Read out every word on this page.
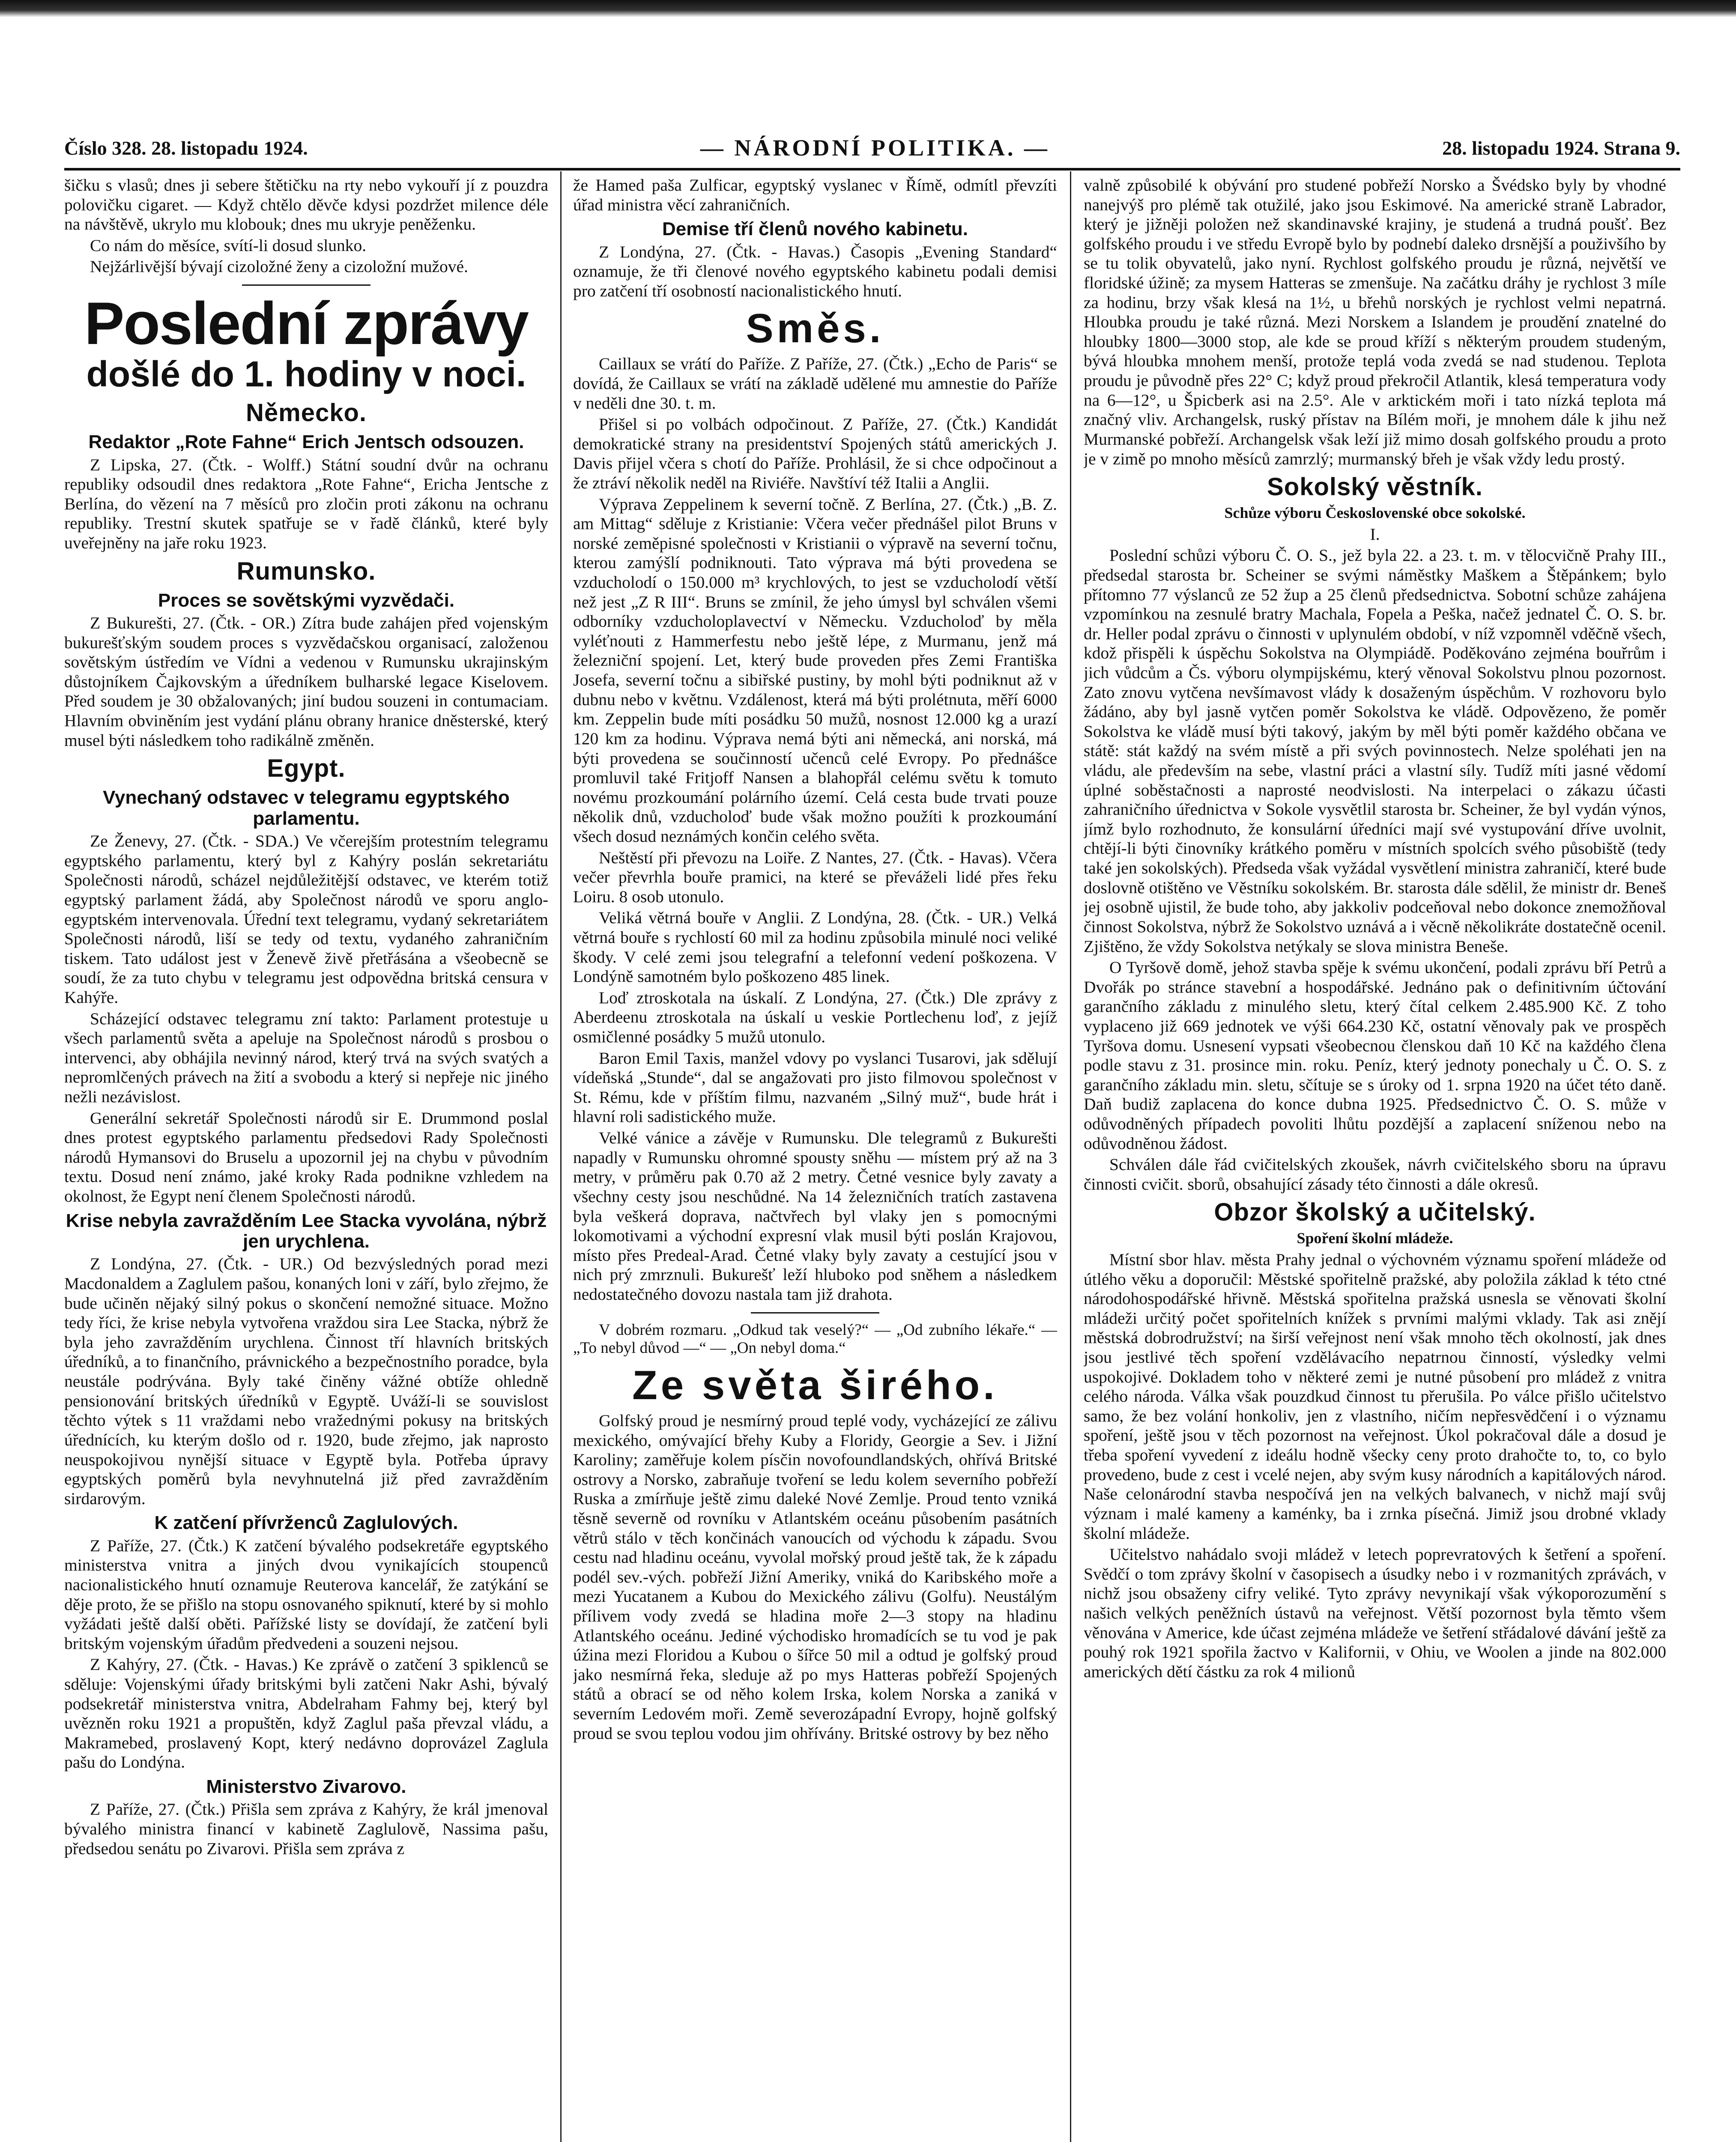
Číslo 328. 28. listopadu 1924.	— NÁRODNÍ POLITIKA. —	28. listopadu 1924. Strana 9.

šičku s vlasů; dnes ji sebere štětičku na rty nebo vykouří jí z pouzdra polovičku cigaret. — Když chtělo děvče kdysi pozdržet milence déle na návštěvě, ukrylo mu klobouk; dnes mu ukryje peněženku.

Co nám do měsíce, svítí-li dosud slunko.

Nejžárlivější bývají cizoložné ženy a cizoložní mužové.

Poslední zprávy
došlé do 1. hodiny v noci.
Německo.
Redaktor „Rote Fahne“ Erich Jentsch odsouzen.

Z Lipska, 27. (Čtk. - Wolff.) Státní soudní dvůr na ochranu republiky odsoudil dnes redaktora „Rote Fahne“, Ericha Jentsche z Berlína, do vězení na 7 měsíců pro zločin proti zákonu na ochranu republiky. Trestní skutek spatřuje se v řadě článků, které byly uveřejněny na jaře roku 1923.

Rumunsko.
Proces se sovětskými vyzvědači.

Z Bukurešti, 27. (Čtk. - OR.) Zítra bude zahájen před vojenským bukurešťským soudem proces s vyzvědačskou organisací, založenou sovětským ústředím ve Vídni a vedenou v Rumunsku ukrajinským důstojníkem Čajkovským a úředníkem bulharské legace Kiselovem. Před soudem je 30 obžalovaných; jiní budou souzeni in contumaciam. Hlavním obviněním jest vydání plánu obrany hranice dněsterské, který musel býti následkem toho radikálně změněn.

Egypt.
Vynechaný odstavec v telegramu egyptského parlamentu.

Ze Ženevy, 27. (Čtk. - SDA.) Ve včerejším protestním telegramu egyptského parlamentu, který byl z Kahýry poslán sekretariátu Společnosti národů, scházel nejdůležitější odstavec, ve kterém totiž egyptský parlament žádá, aby Společnost národů ve sporu anglo-egyptském intervenovala. Úřední text telegramu, vydaný sekretariátem Společnosti národů, liší se tedy od textu, vydaného zahraničním tiskem. Tato událost jest v Ženevě živě přetřásána a všeobecně se soudí, že za tuto chybu v telegramu jest odpovědna britská censura v Kahýře.

Scházející odstavec telegramu zní takto: Parlament protestuje u všech parlamentů světa a apeluje na Společnost národů s prosbou o intervenci, aby obhájila nevinný národ, který trvá na svých svatých a nepromlčených právech na žití a svobodu a který si nepřeje nic jiného nežli nezávislost.

Generální sekretář Společnosti národů sir E. Drummond poslal dnes protest egyptského parlamentu předsedovi Rady Společnosti národů Hymansovi do Bruselu a upozornil jej na chybu v původním textu. Dosud není známo, jaké kroky Rada podnikne vzhledem na okolnost, že Egypt není členem Společnosti národů.

Krise nebyla zavražděním Lee Stacka vyvolána, nýbrž jen urychlena.

Z Londýna, 27. (Čtk. - UR.) Od bezvýsledných porad mezi Macdonaldem a Zaglulem pašou, konaných loni v září, bylo zřejmo, že bude učiněn nějaký silný pokus o skončení nemožné situace. Možno tedy říci, že krise nebyla vytvořena vraždou sira Lee Stacka, nýbrž že byla jeho zavražděním urychlena. Činnost tří hlavních britských úředníků, a to finančního, právnického a bezpečnostního poradce, byla neustále podrývána. Byly také činěny vážné obtíže ohledně pensionování britských úředníků v Egyptě. Uváží-li se souvislost těchto výtek s 11 vraždami nebo vražednými pokusy na britských úřednících, ku kterým došlo od r. 1920, bude zřejmo, jak naprosto neuspokojivou nynější situace v Egyptě byla. Potřeba úpravy egyptských poměrů byla nevyhnutelná již před zavražděním sirdarovým.

K zatčení přívrženců Zaglulových.

Z Paříže, 27. (Čtk.) K zatčení bývalého podsekretáře egyptského ministerstva vnitra a jiných dvou vynikajících stoupenců nacionalistického hnutí oznamuje Reuterova kancelář, že zatýkání se děje proto, že se přišlo na stopu osnovaného spiknutí, které by si mohlo vyžádati ještě další oběti. Pařížské listy se dovídají, že zatčení byli britským vojenským úřadům předvedeni a souzeni nejsou.

Z Kahýry, 27. (Čtk. - Havas.) Ke zprávě o zatčení 3 spiklenců se sděluje: Vojenskými úřady britskými byli zatčeni Nakr Ashi, bývalý podsekretář ministerstva vnitra, Abdelraham Fahmy bej, který byl uvězněn roku 1921 a propuštěn, když Zaglul paša převzal vládu, a Makramebed, proslavený Kopt, který nedávno doprovázel Zaglula pašu do Londýna.

Ministerstvo Zivarovo.

Z Paříže, 27. (Čtk.) Přišla sem zpráva z Kahýry, že král jmenoval bývalého ministra financí v kabinetě Zaglulově, Nassima pašu, předsedou senátu po Zivarovi. Přišla sem zpráva z

že Hamed paša Zulficar, egyptský vyslanec v Římě, odmítl převzíti úřad ministra věcí zahraničních.

Demise tří členů nového kabinetu.

Z Londýna, 27. (Čtk. - Havas.) Časopis „Evening Standard“ oznamuje, že tři členové nového egyptského kabinetu podali demisi pro zatčení tří osobností nacionalistického hnutí.

Směs.

Caillaux se vrátí do Paříže. Z Paříže, 27. (Čtk.) „Echo de Paris“ se dovídá, že Caillaux se vrátí na základě udělené mu amnestie do Paříže v neděli dne 30. t. m.

Přišel si po volbách odpočinout. Z Paříže, 27. (Čtk.) Kandidát demokratické strany na presidentství Spojených států amerických J. Davis přijel včera s chotí do Paříže. Prohlásil, že si chce odpočinout a že ztráví několik neděl na Riviéře. Navštíví též Italii a Anglii.

Výprava Zeppelinem k severní točně. Z Berlína, 27. (Čtk.) „B. Z. am Mittag“ sděluje z Kristianie: Včera večer přednášel pilot Bruns v norské zeměpisné společnosti v Kristianii o výpravě na severní točnu, kterou zamýšlí podniknouti. Tato výprava má býti provedena se vzducholodí o 150.000 m³ krychlových, to jest se vzducholodí větší než jest „Z R III“. Bruns se zmínil, že jeho úmysl byl schválen všemi odborníky vzducholoplavectví v Německu. Vzducholoď by měla vyléťnouti z Hammerfestu nebo ještě lépe, z Murmanu, jenž má železniční spojení. Let, který bude proveden přes Zemi Františka Josefa, severní točnu a sibiřské pustiny, by mohl býti podniknut až v dubnu nebo v květnu. Vzdálenost, která má býti prolétnuta, měří 6000 km. Zeppelin bude míti posádku 50 mužů, nosnost 12.000 kg a urazí 120 km za hodinu. Výprava nemá býti ani německá, ani norská, má býti provedena se součinností učenců celé Evropy. Po přednášce promluvil také Fritjoff Nansen a blahopřál celému světu k tomuto novému prozkoumání polárního území. Celá cesta bude trvati pouze několik dnů, vzducholoď bude však možno použíti k prozkoumání všech dosud neznámých končin celého světa.

Neštěstí při převozu na Loiře. Z Nantes, 27. (Čtk. - Havas). Včera večer převrhla bouře pramici, na které se převáželi lidé přes řeku Loiru. 8 osob utonulo.

Veliká větrná bouře v Anglii. Z Londýna, 28. (Čtk. - UR.) Velká větrná bouře s rychlostí 60 mil za hodinu způsobila minulé noci veliké škody. V celé zemi jsou telegrafní a telefonní vedení poškozena. V Londýně samotném bylo poškozeno 485 linek.

Loď ztroskotala na úskalí. Z Londýna, 27. (Čtk.) Dle zprávy z Aberdeenu ztroskotala na úskalí u veskie Portlechenu loď, z jejíž osmičlenné posádky 5 mužů utonulo.

Baron Emil Taxis, manžel vdovy po vyslanci Tusarovi, jak sdělují vídeňská „Stunde“, dal se angažovati pro jisto filmovou společnost v St. Rému, kde v příštím filmu, nazvaném „Silný muž“, bude hrát i hlavní roli sadistického muže.

Velké vánice a závěje v Rumunsku. Dle telegramů z Bukurešti napadly v Rumunsku ohromné spousty sněhu — místem prý až na 3 metry, v průměru pak 0.70 až 2 metry. Četné vesnice byly zavaty a všechny cesty jsou neschůdné. Na 14 železničních tratích zastavena byla veškerá doprava, načtvřech byl vlaky jen s pomocnými lokomotivami a východní expresní vlak musil býti poslán Krajovou, místo přes Predeal-Arad. Četné vlaky byly zavaty a cestující jsou v nich prý zmrznuli. Bukurešť leží hluboko pod sněhem a následkem nedostatečného dovozu nastala tam již drahota.

V dobrém rozmaru. „Odkud tak veselý?“ — „Od zubního lékaře.“ — „To nebyl důvod —“ — „On nebyl doma.“

Ze světa širého.

Golfský proud je nesmírný proud teplé vody, vycházející ze zálivu mexického, omývající břehy Kuby a Floridy, Georgie a Sev. i Jižní Karoliny; zaměřuje kolem písčin novofoundlandských, ohřívá Britské ostrovy a Norsko, zabraňuje tvoření se ledu kolem severního pobřeží Ruska a zmírňuje ještě zimu daleké Nové Zemlje. Proud tento vzniká těsně severně od rovníku v Atlantském oceánu působením pasátních větrů stálo v těch končinách vanoucích od východu k západu. Svou cestu nad hladinu oceánu, vyvolal mořský proud ještě tak, že k západu podél sev.-vých. pobřeží Jižní Ameriky, vniká do Karibského moře a mezi Yucatanem a Kubou do Mexického zálivu (Golfu). Neustálým přílivem vody zvedá se hladina moře 2—3 stopy na hladinu Atlantského oceánu. Jediné východisko hromadících se tu vod je pak úžina mezi Floridou a Kubou o šířce 50 mil a odtud je golfský proud jako nesmírná řeka, sleduje až po mys Hatteras pobřeží Spojených států a obrací se od něho kolem Irska, kolem Norska a zaniká v severním Ledovém moři. Země severozápadní Evropy, hojně golfský proud se svou teplou vodou jim ohřívány. Britské ostrovy by bez něho

valně způsobilé k obývání pro studené pobřeží Norsko a Švédsko byly by vhodné nanejvýš pro plémě tak otužilé, jako jsou Eskimové. Na americké straně Labrador, který je jižněji položen než skandinavské krajiny, je studená a trudná poušť. Bez golfského proudu i ve středu Evropě bylo by podnebí daleko drsnější a použivšího by se tu tolik obyvatelů, jako nyní. Rychlost golfského proudu je různá, největší ve floridské úžině; za mysem Hatteras se zmenšuje. Na začátku dráhy je rychlost 3 míle za hodinu, brzy však klesá na 1½, u břehů norských je rychlost velmi nepatrná. Hloubka proudu je také různá. Mezi Norskem a Islandem je proudění znatelné do hloubky 1800—3000 stop, ale kde se proud kříží s některým proudem studeným, bývá hloubka mnohem menší, protože teplá voda zvedá se nad studenou. Teplota proudu je původně přes 22° C; když proud překročil Atlantik, klesá temperatura vody na 6—12°, u Špicberk asi na 2.5°. Ale v arktickém moři i tato nízká teplota má značný vliv. Archangelsk, ruský přístav na Bílém moři, je mnohem dále k jihu než Murmanské pobřeží. Archangelsk však leží již mimo dosah golfského proudu a proto je v zimě po mnoho měsíců zamrzlý; murmanský břeh je však vždy ledu prostý.

Sokolský věstník.
Schůze výboru Československé obce sokolské.
I.

Poslední schůzi výboru Č. O. S., jež byla 22. a 23. t. m. v tělocvičně Prahy III., předsedal starosta br. Scheiner se svými náměstky Maškem a Štěpánkem; bylo přítomno 77 výslanců ze 52 žup a 25 členů předsednictva. Sobotní schůze zahájena vzpomínkou na zesnulé bratry Machala, Fopela a Peška, načež jednatel Č. O. S. br. dr. Heller podal zprávu o činnosti v uplynulém období, v níž vzpomněl vděčně všech, kdož přispěli k úspěchu Sokolstva na Olympiádě. Poděkováno zejména bouřrům i jich vůdcům a Čs. výboru olympijskému, který věnoval Sokolstvu plnou pozornost. Zato znovu vytčena nevšímavost vlády k dosaženým úspěchům. V rozhovoru bylo žádáno, aby byl jasně vytčen poměr Sokolstva ke vládě. Odpovězeno, že poměr Sokolstva ke vládě musí býti takový, jakým by měl býti poměr každého občana ve státě: stát každý na svém místě a při svých povinnostech. Nelze spoléhati jen na vládu, ale především na sebe, vlastní práci a vlastní síly. Tudíž míti jasné vědomí úplné soběstačnosti a naprosté neodvislosti. Na interpelaci o zákazu účasti zahraničního úřednictva v Sokole vysvětlil starosta br. Scheiner, že byl vydán výnos, jímž bylo rozhodnuto, že konsulární úředníci mají své vystupování dříve uvolnit, chtějí-li býti činovníky krátkého poměru v místních spolcích svého působiště (tedy také jen sokolských). Předseda však vyžádal vysvětlení ministra zahraničí, které bude doslovně otištěno ve Věstníku sokolském. Br. starosta dále sdělil, že ministr dr. Beneš jej osobně ujistil, že bude toho, aby jakkoliv podceňoval nebo dokonce znemožňoval činnost Sokolstva, nýbrž že Sokolstvo uznává a i věcně několikráte dostatečně ocenil. Zjištěno, že vždy Sokolstva netýkaly se slova ministra Beneše.

O Tyršově domě, jehož stavba spěje k svému ukončení, podali zprávu bří Petrů a Dvořák po stránce stavební a hospodářské. Jednáno pak o definitivním účtování garančního základu z minulého sletu, který čítal celkem 2.485.900 Kč. Z toho vyplaceno již 669 jednotek ve výši 664.230 Kč, ostatní věnovaly pak ve prospěch Tyršova domu. Usnesení vypsati všeobecnou členskou daň 10 Kč na každého člena podle stavu z 31. prosince min. roku. Peníz, který jednoty ponechaly u Č. O. S. z garančního základu min. sletu, sčítuje se s úroky od 1. srpna 1920 na účet této daně. Daň budiž zaplacena do konce dubna 1925. Předsednictvo Č. O. S. může v odůvodněných případech povoliti lhůtu pozdější a zaplacení sníženou nebo na odůvodněnou žádost.

Schválen dále řád cvičitelských zkoušek, návrh cvičitelského sboru na úpravu činnosti cvičit. sborů, obsahující zásady této činnosti a dále okresů.

Obzor školský a učitelský.
Spoření školní mládeže.

Místní sbor hlav. města Prahy jednal o výchovném významu spoření mládeže od útlého věku a doporučil: Městské spořitelně pražské, aby položila základ k této ctné národohospodářské hřivně. Městská spořitelna pražská usnesla se věnovati školní mládeži určitý počet spořitelních knížek s prvními malými vklady. Tak asi znějí městská dobrodružství; na širší veřejnost není však mnoho těch okolností, jak dnes jsou jestlivé těch spoření vzdělávacího nepatrnou činností, výsledky velmi uspokojivé. Dokladem toho v některé zemi je nutné působení pro mládež z vnitra celého národa. Válka však pouzdkud činnost tu přerušila. Po válce přišlo učitelstvo samo, že bez volání honkoliv, jen z vlastního, ničím nepřesvědčení i o významu spoření, ještě jsou v těch pozornost na veřejnost. Úkol pokračoval dále a dosud je třeba spoření vyvedení z ideálu hodně všecky ceny proto drahočte to, to, co bylo provedeno, bude z cest i vcelé nejen, aby svým kusy národních a kapitálových národ. Naše celonárodní stavba nespočívá jen na velkých balvanech, v nichž mají svůj význam i malé kameny a kaménky, ba i zrnka písečná. Jimiž jsou drobné vklady školní mládeže.

Učitelstvo nahádalo svoji mládež v letech poprevratových k šetření a spoření. Svědčí o tom zprávy školní v časopisech a úsudky nebo i v rozmanitých zprávách, v nichž jsou obsaženy cifry veliké. Tyto zprávy nevynikají však výkoporozumění s našich velkých peněžních ústavů na veřejnost. Větší pozornost byla těmto všem věnována v Americe, kde účast zejména mládeže ve šetření střádalové dávání ještě za pouhý rok 1921 spořila žactvo v Kalifornii, v Ohiu, ve Woolen a jinde na 802.000 amerických dětí částku za rok 4 milionů
